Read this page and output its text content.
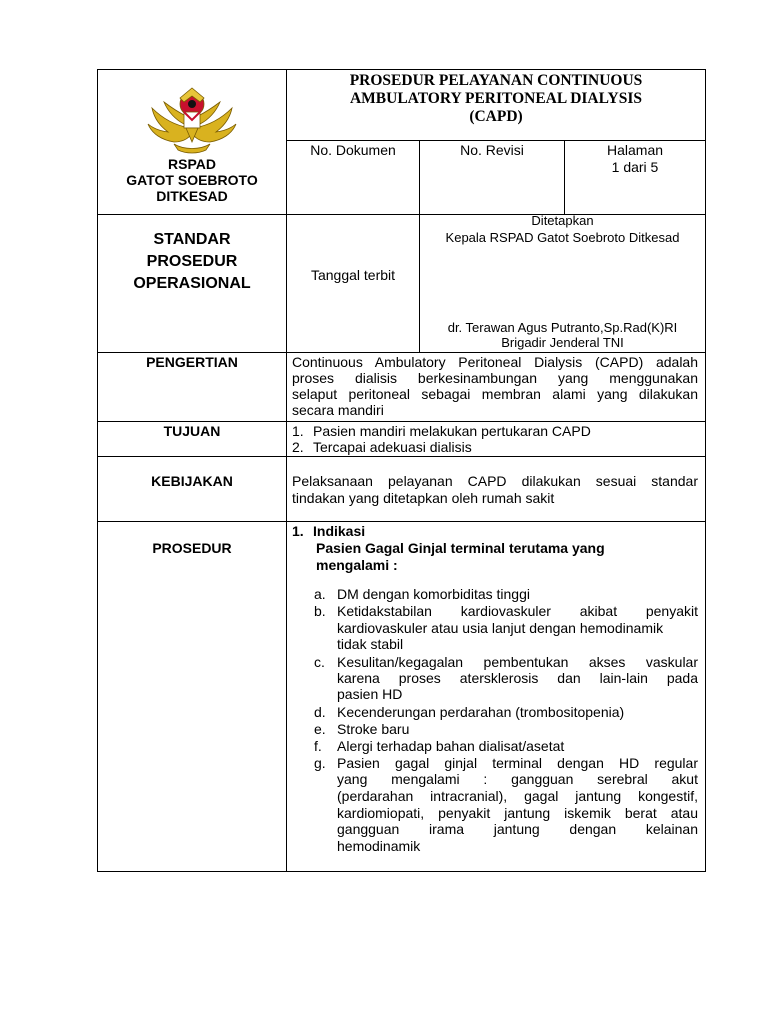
RSPAD
GATOT SOEBROTO
DITKESAD
PROSEDUR PELAYANAN CONTINUOUS
AMBULATORY PERITONEAL DIALYSIS
(CAPD)
No. Dokumen	No. Revisi	Halaman
1 dari 5
STANDAR
PROSEDUR
OPERASIONAL	Tanggal terbit
Ditetapkan
Kepala RSPAD Gatot Soebroto Ditkesad
dr. Terawan Agus Putranto,Sp.Rad(K)RI
Brigadir Jenderal TNI
PENGERTIAN	Continuous Ambulatory Peritoneal Dialysis (CAPD) adalah
proses dialisis berkesinambungan yang menggunakan
selaput peritoneal sebagai membran alami yang dilakukan
secara mandiri
TUJUAN	1. Pasien mandiri melakukan pertukaran CAPD
2. Tercapai adekuasi dialisis
KEBIJAKAN	Pelaksanaan pelayanan CAPD dilakukan sesuai standar
tindakan yang ditetapkan oleh rumah sakit
PROSEDUR
1. Indikasi
Pasien Gagal Ginjal terminal terutama yang
mengalami :
a. DM dengan komorbiditas tinggi
b. Ketidakstabilan kardiovaskuler akibat penyakit
kardiovaskuler atau usia lanjut dengan hemodinamik
tidak stabil
c. Kesulitan/kegagalan pembentukan akses vaskular
karena proses atersklerosis dan lain-lain pada
pasien HD
d. Kecenderungan perdarahan (trombositopenia)
e. Stroke baru
f. Alergi terhadap bahan dialisat/asetat
g. Pasien gagal ginjal terminal dengan HD regular
yang mengalami : gangguan serebral akut
(perdarahan intracranial), gagal jantung kongestif,
kardiomiopati, penyakit jantung iskemik berat atau
gangguan irama jantung dengan kelainan
hemodinamik
